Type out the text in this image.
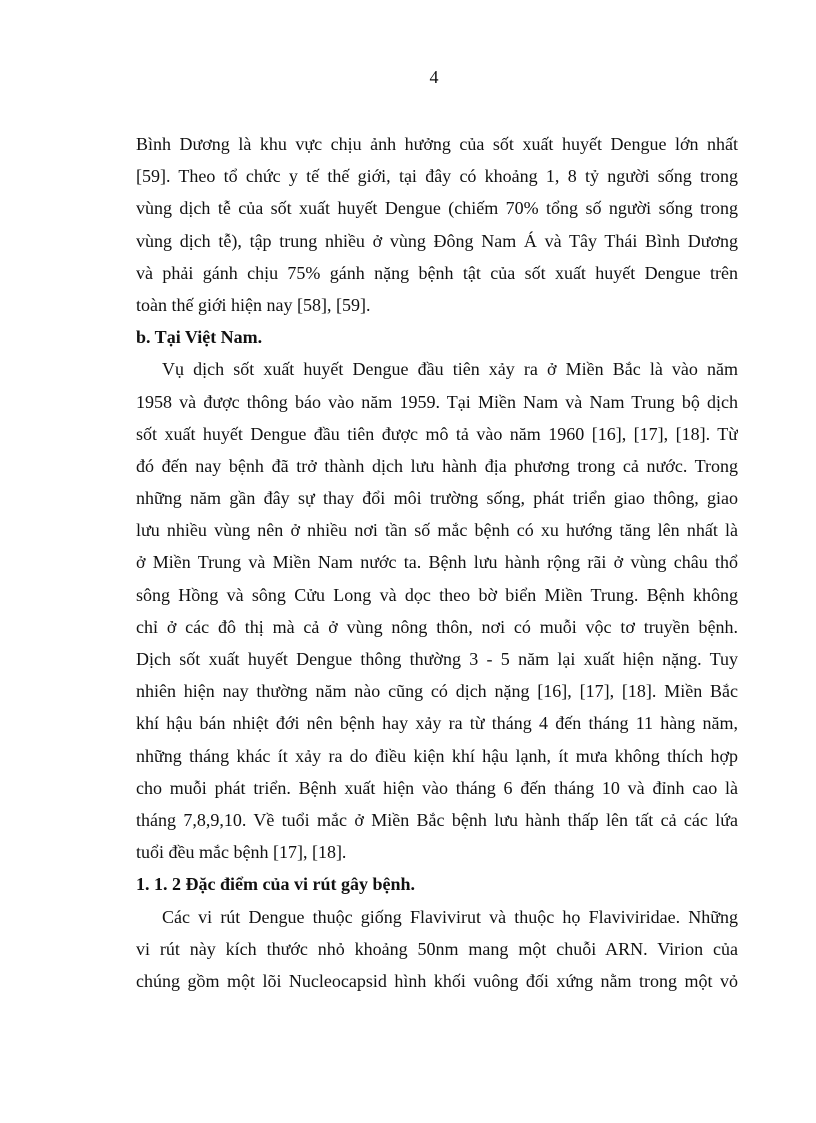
4
Bình Dương là khu vực chịu ảnh hưởng của sốt xuất huyết Dengue lớn nhất
[59]. Theo tổ chức y tế thế giới, tại đây có khoảng 1, 8 tỷ người sống trong
vùng dịch tễ của sốt xuất huyết Dengue (chiếm 70% tổng số người sống trong
vùng dịch tễ), tập trung nhiều ở vùng Đông Nam Á và Tây Thái Bình Dương
và phải gánh chịu 75% gánh nặng bệnh tật của sốt xuất huyết Dengue trên
toàn thế giới hiện nay [58], [59].
b. Tại Việt Nam.
Vụ dịch sốt xuất huyết Dengue đầu tiên xảy ra ở Miền Bắc là vào năm
1958 và được thông báo vào năm 1959. Tại Miền Nam và Nam Trung bộ dịch
sốt xuất huyết Dengue đầu tiên được mô tả vào năm 1960 [16], [17], [18]. Từ
đó đến nay bệnh đã trở thành dịch lưu hành địa phương trong cả nước. Trong
những năm gần đây sự thay đổi môi trường sống, phát triển giao thông, giao
lưu nhiều vùng nên ở nhiều nơi tần số mắc bệnh có xu hướng tăng lên nhất là
ở Miền Trung và Miền Nam nước ta. Bệnh lưu hành rộng rãi ở vùng châu thổ
sông Hồng và sông Cửu Long và dọc theo bờ biển Miền Trung. Bệnh không
chỉ ở các đô thị mà cả ở vùng nông thôn, nơi có muỗi vộc tơ truyền bệnh.
Dịch sốt xuất huyết Dengue thông thường 3 - 5 năm lại xuất hiện nặng. Tuy
nhiên hiện nay thường năm nào cũng có dịch nặng [16], [17], [18]. Miền Bắc
khí hậu bán nhiệt đới nên bệnh hay xảy ra từ tháng 4 đến tháng 11 hàng năm,
những tháng khác ít xảy ra do điều kiện khí hậu lạnh, ít mưa không thích hợp
cho muỗi phát triển. Bệnh xuất hiện vào tháng 6 đến tháng 10 và đỉnh cao là
tháng 7,8,9,10. Về tuổi mắc ở Miền Bắc bệnh lưu hành thấp lên tất cả các lứa
tuổi đều mắc bệnh [17], [18].
1. 1. 2 Đặc điểm của vi rút gây bệnh.
Các vi rút Dengue thuộc giống Flavivirut và thuộc họ Flaviviridae. Những
vi rút này kích thước nhỏ khoảng 50nm mang một chuỗi ARN. Virion của
chúng gồm một lõi Nucleocapsid hình khối vuông đối xứng nằm trong một vỏ
